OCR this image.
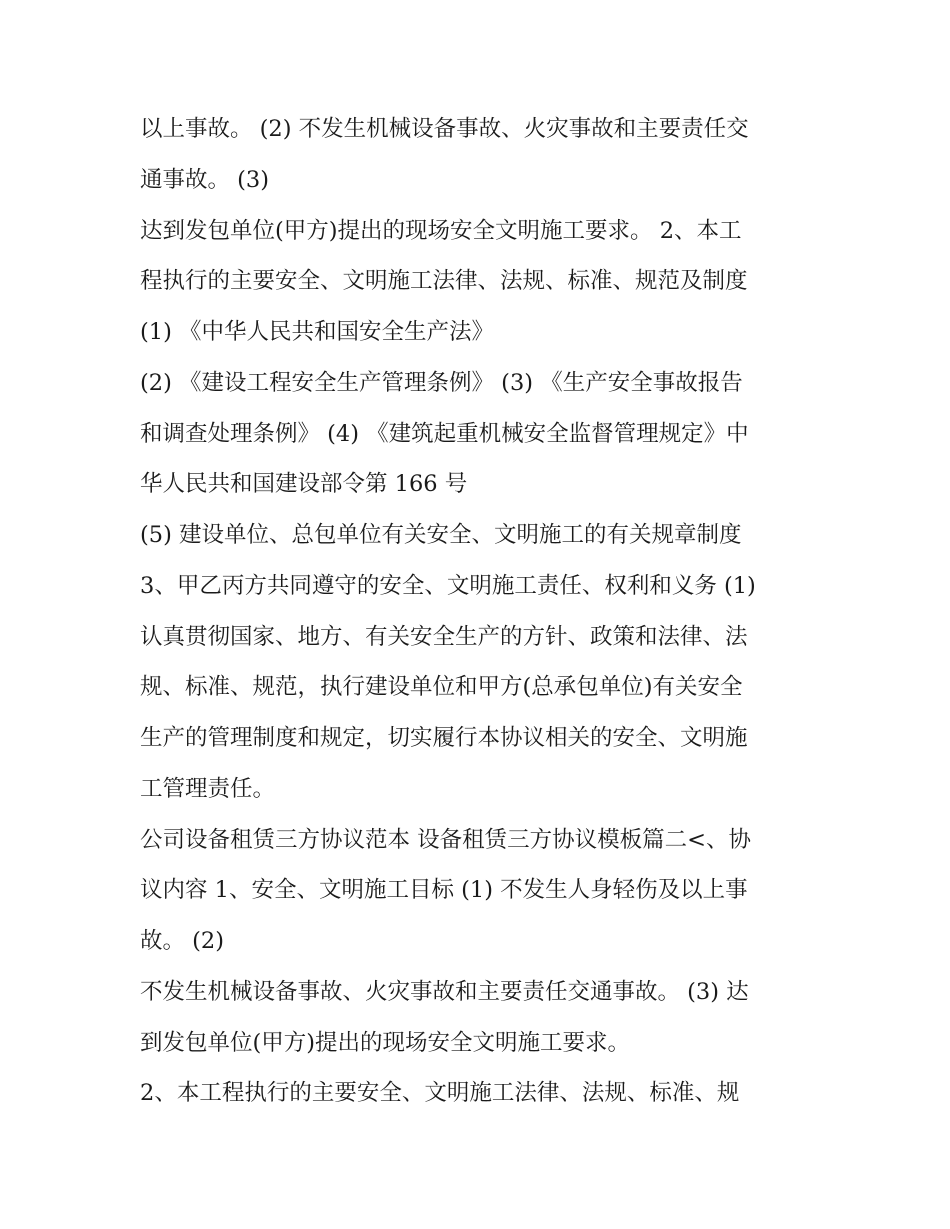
以上事故。 (2) 不发生机械设备事故、火灾事故和主要责任交
通事故。 (3)
达到发包单位(甲方)提出的现场安全文明施工要求。 2、本工
程执行的主要安全、文明施工法律、法规、标准、规范及制度
(1) 《中华人民共和国安全生产法》
(2) 《建设工程安全生产管理条例》 (3) 《生产安全事故报告
和调查处理条例》 (4) 《建筑起重机械安全监督管理规定》中
华人民共和国建设部令第 166 号
(5) 建设单位、总包单位有关安全、文明施工的有关规章制度
3、甲乙丙方共同遵守的安全、文明施工责任、权利和义务 (1)
认真贯彻国家、地方、有关安全生产的方针、政策和法律、法
规、标准、规范，执行建设单位和甲方(总承包单位)有关安全
生产的管理制度和规定，切实履行本协议相关的安全、文明施
工管理责任。
公司设备租赁三方协议范本 设备租赁三方协议模板篇二<、协
议内容 1、安全、文明施工目标 (1) 不发生人身轻伤及以上事
故。 (2)
不发生机械设备事故、火灾事故和主要责任交通事故。 (3) 达
到发包单位(甲方)提出的现场安全文明施工要求。
2、本工程执行的主要安全、文明施工法律、法规、标准、规
